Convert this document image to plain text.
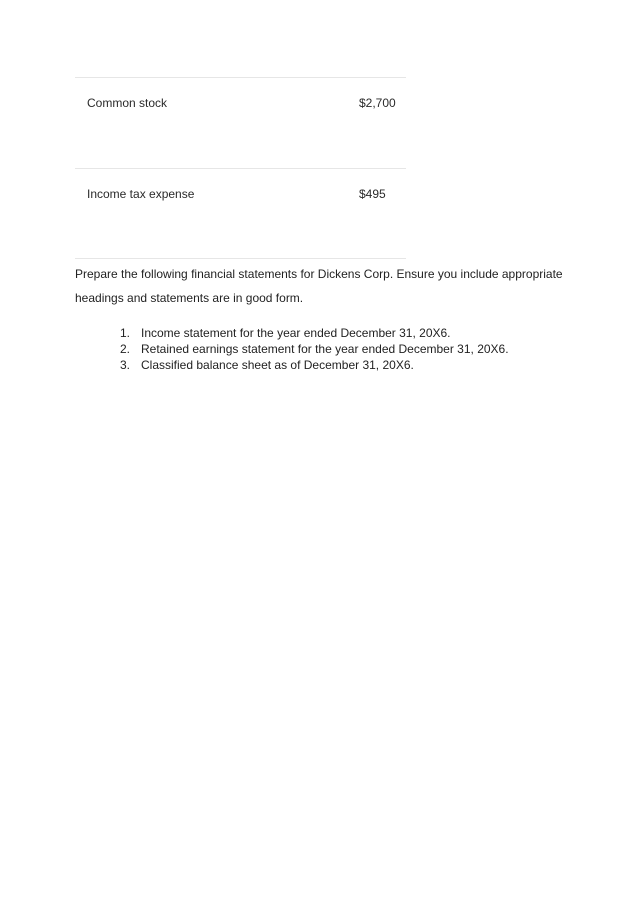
Common stock	$2,700
Income tax expense	$495
Prepare the following financial statements for Dickens Corp. Ensure you include appropriate
headings and statements are in good form.
1. Income statement for the year ended December 31, 20X6.
2. Retained earnings statement for the year ended December 31, 20X6.
3. Classified balance sheet as of December 31, 20X6.
